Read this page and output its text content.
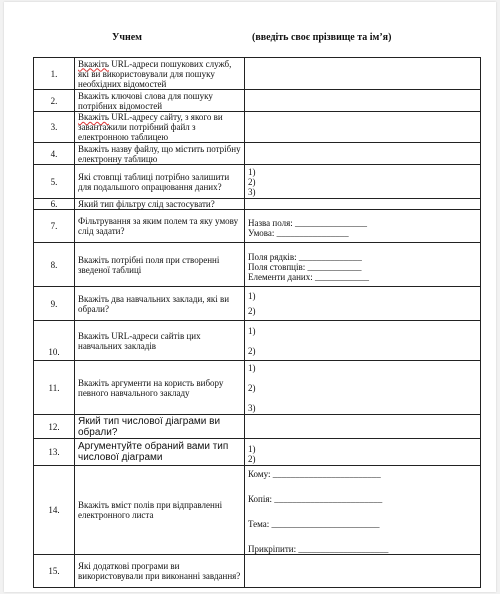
Учнем	(введіть своє прізвище та ім’я)
1.	Вкажіть URL-адреси пошукових служб, які ви використовували для пошуку необхідних відомостей	
2.	Вкажіть ключові слова для пошуку потрібних відомостей	
3.	Вкажіть URL-адресу сайту, з якого ви завантажили потрібний файл з електронною таблицею	
4.	Вкажіть назву файлу, що містить потрібну електронну таблицю	
5.	Які стовпці таблиці потрібно залишити для подальшого опрацювання даних?	1)
2)
3)

6.	Який тип фільтру слід застосувати?	
7.	Фільтрування за яким полем та яку умову слід задати?	Назва поля: ________________
Умова: ________________

8.	Вкажіть потрібні поля при створенні зведеної таблиці	Поля рядків: ______________
Поля стовпців: ____________
Елементи даних: ____________

9.	Вкажіть два навчальних заклади, які ви обрали?	1)
2)

10.	Вкажіть URL-адреси сайтів цих навчальних закладів	1)
2)

11.	Вкажіть аргументи на користь вибору певного навчального закладу	1)
2)
3)

12.	Який тип числової діаграми ви обрали?	
13.	Аргументуйте обраний вами тип числової діаграми	1)
2)

14.	Вкажіть вміст полів при відправленні електронного листа	Кому: ________________________
Копія: ________________________
Тема: ________________________
Прикріпити: ____________________

15.	Які додаткові програми ви використовували при виконанні завдання?	
